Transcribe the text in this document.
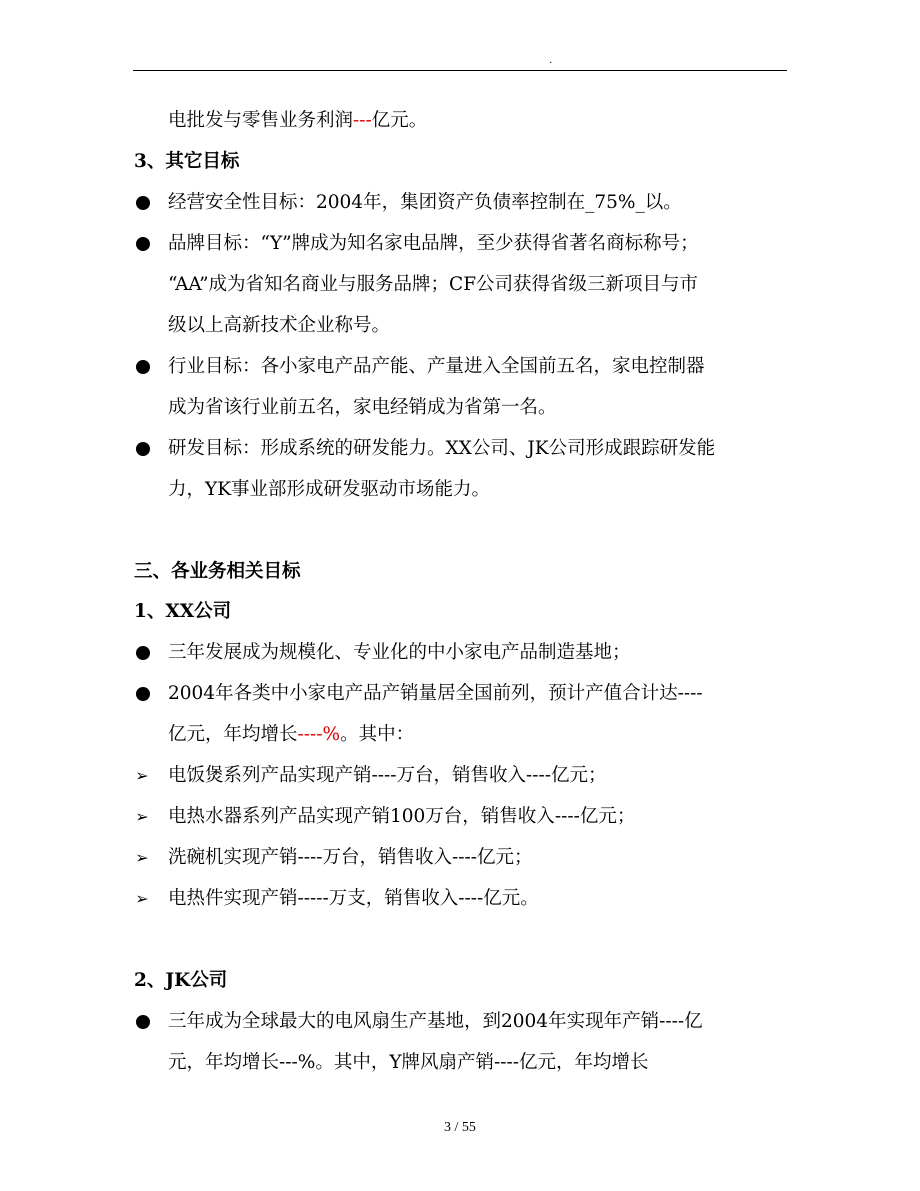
.
电批发与零售业务利润---亿元。
3、其它目标
经营安全性目标：2004年，集团资产负债率控制在_75%_以。
品牌目标：“Y”牌成为知名家电品牌，至少获得省著名商标称号；
“AA”成为省知名商业与服务品牌；CF公司获得省级三新项目与市
级以上高新技术企业称号。
行业目标：各小家电产品产能、产量进入全国前五名，家电控制器
成为省该行业前五名，家电经销成为省第一名。
研发目标：形成系统的研发能力。XX公司、JK公司形成跟踪研发能
力，YK事业部形成研发驱动市场能力。
三、各业务相关目标
1、XX公司
三年发展成为规模化、专业化的中小家电产品制造基地；
2004年各类中小家电产品产销量居全国前列，预计产值合计达----
亿元，年均增长----%。其中：
➢ 电饭煲系列产品实现产销----万台，销售收入----亿元；
➢ 电热水器系列产品实现产销100万台，销售收入----亿元；
➢ 洗碗机实现产销----万台，销售收入----亿元；
➢ 电热件实现产销-----万支，销售收入----亿元。
2、JK公司
三年成为全球最大的电风扇生产基地，到2004年实现年产销----亿
元，年均增长---%。其中，Y牌风扇产销----亿元，年均增长
3 / 55
